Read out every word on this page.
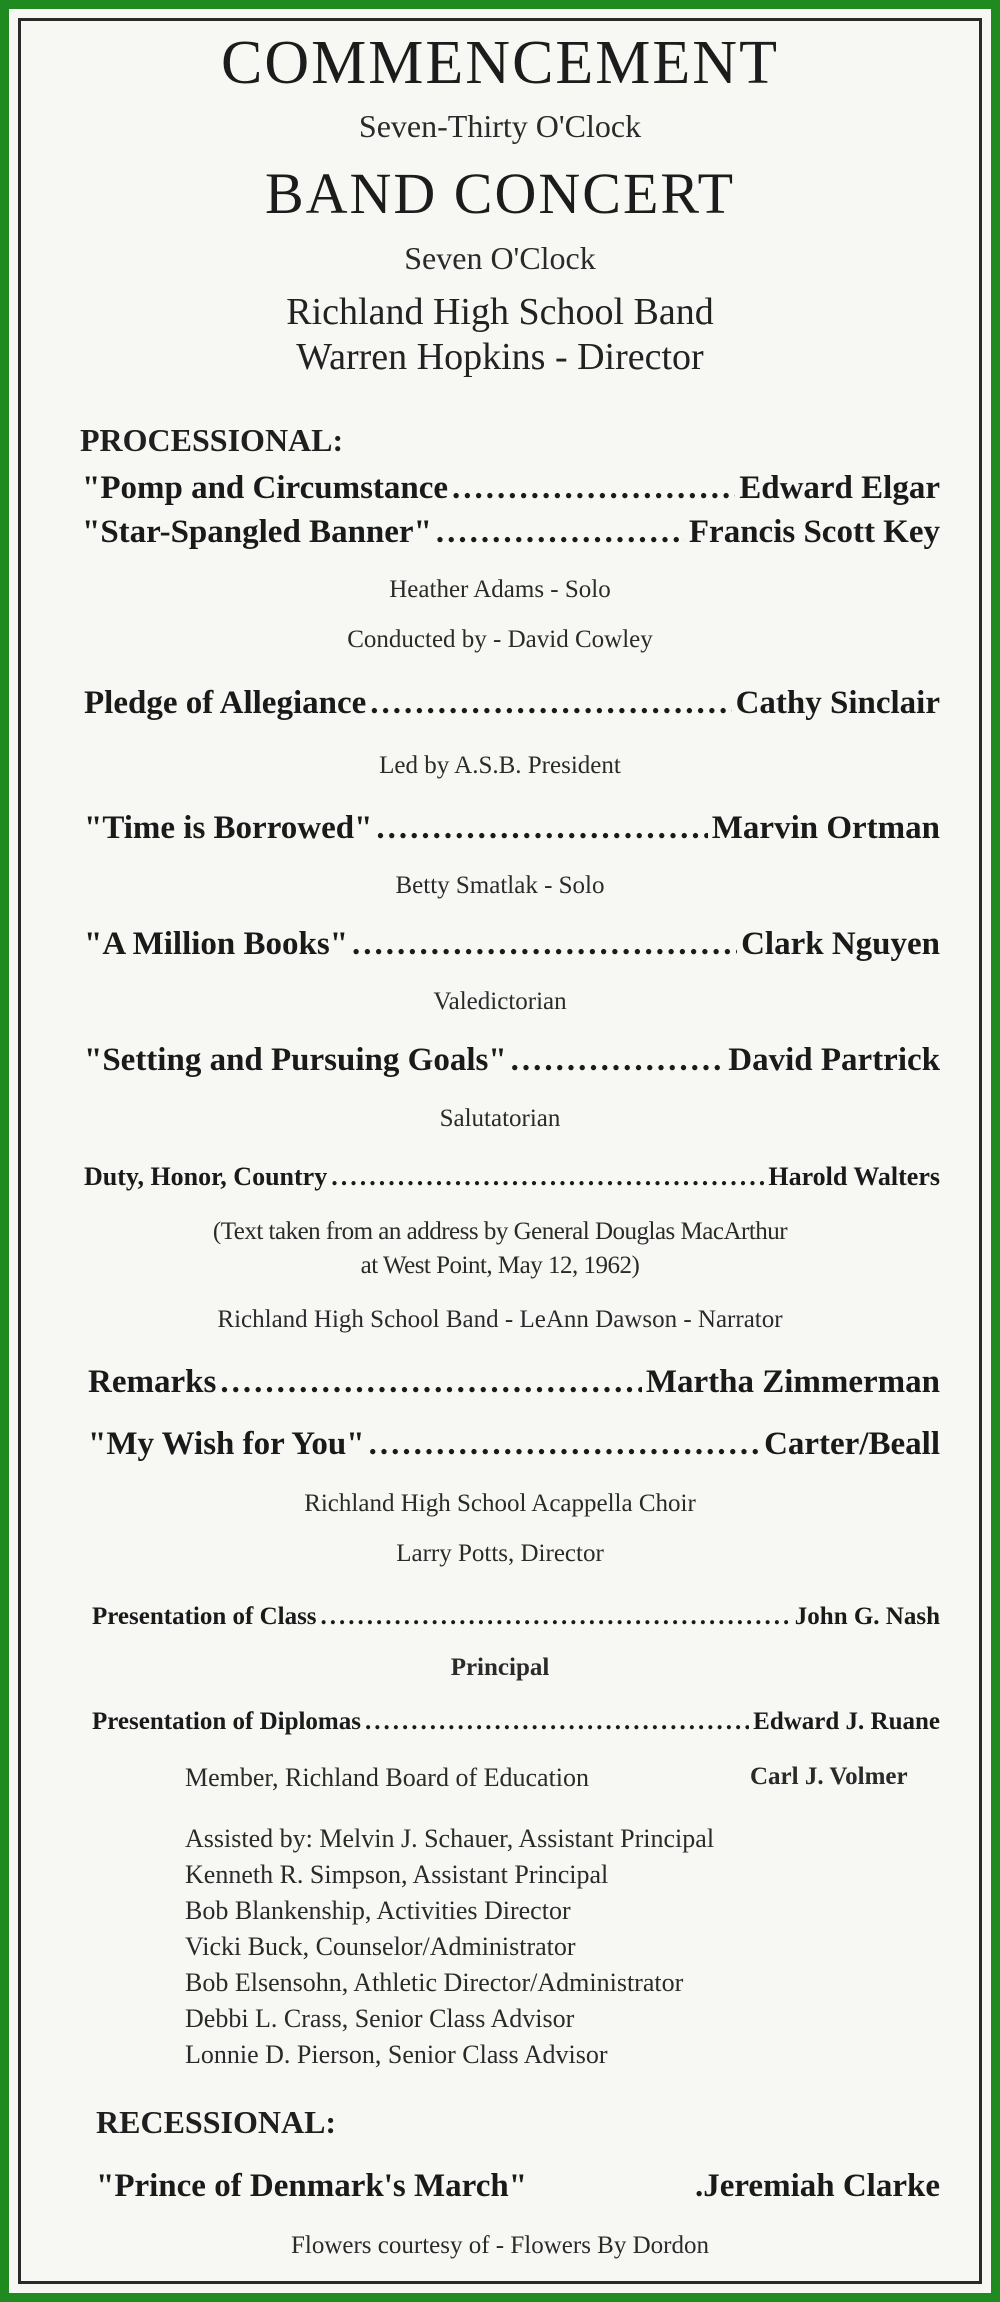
COMMENCEMENT
Seven-Thirty O'Clock
BAND CONCERT
Seven O'Clock
Richland High School Band
Warren Hopkins - Director
PROCESSIONAL:
"Pomp and Circumstance .....	Edward Elgar
"Star-Spangled Banner" .....	Francis Scott Key
Heather Adams - Solo
Conducted by - David Cowley
Pledge of Allegiance .....	Cathy Sinclair
Led by A.S.B. President
"Time is Borrowed" .....	Marvin Ortman
Betty Smatlak - Solo
"A Million Books" .....	Clark Nguyen
Valedictorian
"Setting and Pursuing Goals" .....	David Partrick
Salutatorian
Duty, Honor, Country .....	Harold Walters
(Text taken from an address by General Douglas MacArthur
at West Point, May 12, 1962)
Richland High School Band - LeAnn Dawson - Narrator
Remarks .....	Martha Zimmerman
"My Wish for You" .....	Carter/Beall
Richland High School Acappella Choir
Larry Potts, Director
Presentation of Class .....	John G. Nash
Principal
Presentation of Diplomas .....	Edward J. Ruane
Member, Richland Board of Education	Carl J. Volmer
Assisted by: Melvin J. Schauer, Assistant Principal
Kenneth R. Simpson, Assistant Principal
Bob Blankenship, Activities Director
Vicki Buck, Counselor/Administrator
Bob Elsensohn, Athletic Director/Administrator
Debbi L. Crass, Senior Class Advisor
Lonnie D. Pierson, Senior Class Advisor
RECESSIONAL:
"Prince of Denmark's March"	.Jeremiah Clarke
Flowers courtesy of - Flowers By Dordon
